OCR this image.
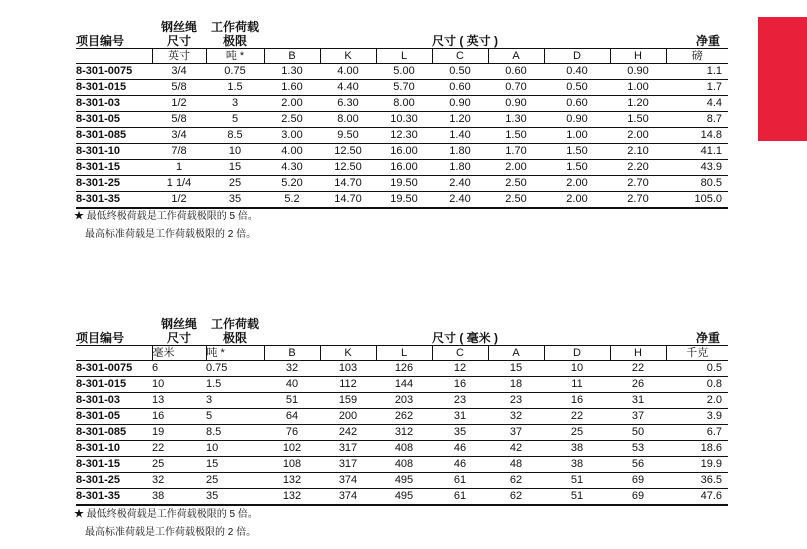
	钢丝绳	工作荷载								
项目编号	尺寸	极限	尺寸 ( 英寸 )							净重
	英寸	吨 *	B	K	L	C	A	D	H	磅
8-301-0075	3/4	0.75	1.30	4.00	5.00	0.50	0.60	0.40	0.90	1.1
8-301-015	5/8	1.5	1.60	4.40	5.70	0.60	0.70	0.50	1.00	1.7
8-301-03	1/2	3	2.00	6.30	8.00	0.90	0.90	0.60	1.20	4.4
8-301-05	5/8	5	2.50	8.00	10.30	1.20	1.30	0.90	1.50	8.7
8-301-085	3/4	8.5	3.00	9.50	12.30	1.40	1.50	1.00	2.00	14.8
8-301-10	7/8	10	4.00	12.50	16.00	1.80	1.70	1.50	2.10	41.1
8-301-15	1	15	4.30	12.50	16.00	1.80	2.00	1.50	2.20	43.9
8-301-25	1 1/4	25	5.20	14.70	19.50	2.40	2.50	2.00	2.70	80.5
8-301-35	1/2	35	5.2	14.70	19.50	2.40	2.50	2.00	2.70	105.0
★ 最低终极荷载是工作荷载极限的 5 倍。
最高标准荷载是工作荷载极限的 2 倍。
	钢丝绳	工作荷载								
项目编号	尺寸	极限	尺寸 ( 毫米 )							净重
	毫米	吨 *	B	K	L	C	A	D	H	千克
8-301-0075	6	0.75	32	103	126	12	15	10	22	0.5
8-301-015	10	1.5	40	112	144	16	18	11	26	0.8
8-301-03	13	3	51	159	203	23	23	16	31	2.0
8-301-05	16	5	64	200	262	31	32	22	37	3.9
8-301-085	19	8.5	76	242	312	35	37	25	50	6.7
8-301-10	22	10	102	317	408	46	42	38	53	18.6
8-301-15	25	15	108	317	408	46	48	38	56	19.9
8-301-25	32	25	132	374	495	61	62	51	69	36.5
8-301-35	38	35	132	374	495	61	62	51	69	47.6
★ 最低终极荷载是工作荷载极限的 5 倍。
最高标准荷载是工作荷载极限的 2 倍。
